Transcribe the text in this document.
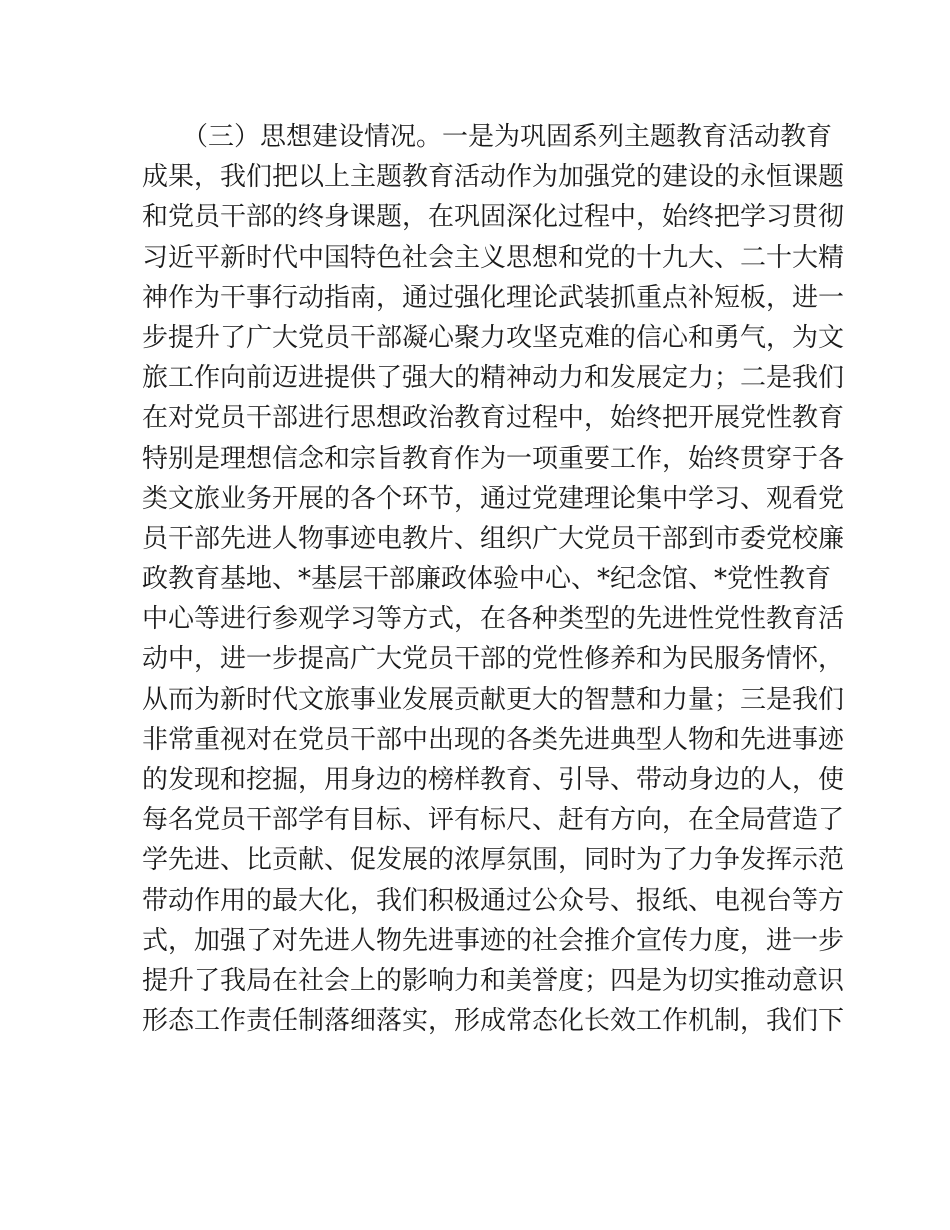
（三）思想建设情况。一是为巩固系列主题教育活动教育
成果，我们把以上主题教育活动作为加强党的建设的永恒课题
和党员干部的终身课题，在巩固深化过程中，始终把学习贯彻
习近平新时代中国特色社会主义思想和党的十九大、二十大精
神作为干事行动指南，通过强化理论武装抓重点补短板，进一
步提升了广大党员干部凝心聚力攻坚克难的信心和勇气，为文
旅工作向前迈进提供了强大的精神动力和发展定力；二是我们
在对党员干部进行思想政治教育过程中，始终把开展党性教育
特别是理想信念和宗旨教育作为一项重要工作，始终贯穿于各
类文旅业务开展的各个环节，通过党建理论集中学习、观看党
员干部先进人物事迹电教片、组织广大党员干部到市委党校廉
政教育基地、*基层干部廉政体验中心、*纪念馆、*党性教育
中心等进行参观学习等方式，在各种类型的先进性党性教育活
动中，进一步提高广大党员干部的党性修养和为民服务情怀，
从而为新时代文旅事业发展贡献更大的智慧和力量；三是我们
非常重视对在党员干部中出现的各类先进典型人物和先进事迹
的发现和挖掘，用身边的榜样教育、引导、带动身边的人，使
每名党员干部学有目标、评有标尺、赶有方向，在全局营造了
学先进、比贡献、促发展的浓厚氛围，同时为了力争发挥示范
带动作用的最大化，我们积极通过公众号、报纸、电视台等方
式，加强了对先进人物先进事迹的社会推介宣传力度，进一步
提升了我局在社会上的影响力和美誉度；四是为切实推动意识
形态工作责任制落细落实，形成常态化长效工作机制，我们下
